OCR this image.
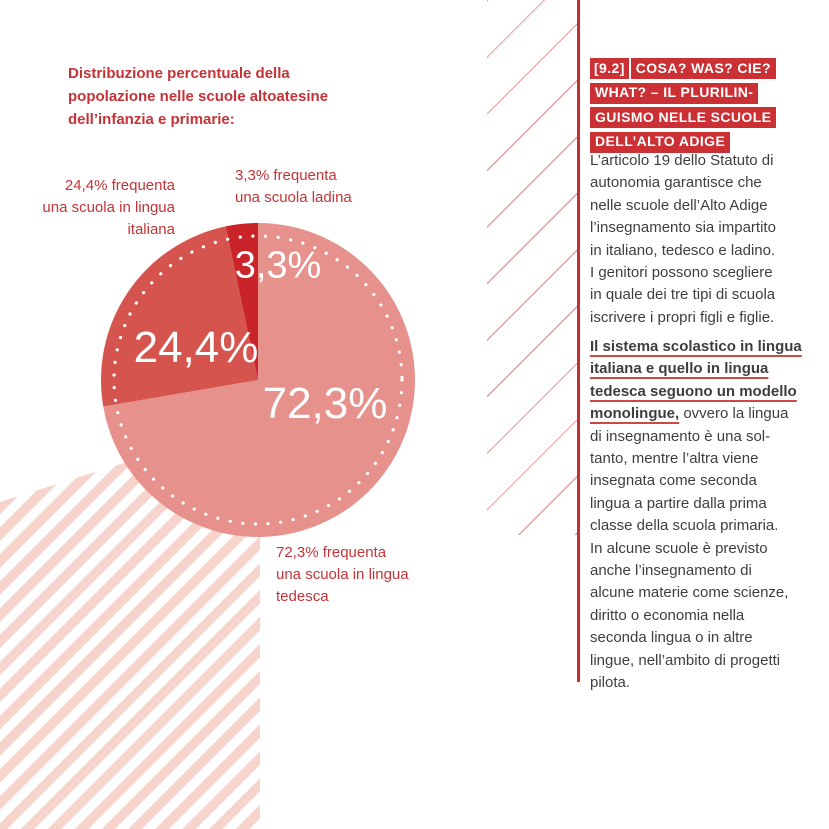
Distribuzione percentuale della
popolazione nelle scuole altoatesine
dell’infanzia e primarie:
24,4% frequenta
una scuola in lingua
italiana
3,3% frequenta
una scuola ladina
72,3% frequenta
una scuola in lingua
tedesca
72,3%
24,4%
3,3%
[9.2] COSA? WAS? CIE?
WHAT? – IL PLURILIN-
GUISMO NELLE SCUOLE
DELL’ALTO ADIGE
L’articolo 19 dello Statuto di
autonomia garantisce che
nelle scuole dell’Alto Adige
l’insegnamento sia impartito
in italiano, tedesco e ladino.
I genitori possono scegliere
in quale dei tre tipi di scuola
iscrivere i propri figli e figlie.
Il sistema scolastico in lingua
italiana e quello in lingua
tedesca seguono un modello
monolingue, ovvero la lingua
di insegnamento è una sol-
tanto, mentre l’altra viene
insegnata come seconda
lingua a partire dalla prima
classe della scuola primaria.
In alcune scuole è previsto
anche l’insegnamento di
alcune materie come scienze,
diritto o economia nella
seconda lingua o in altre
lingue, nell’ambito di progetti
pilota.
